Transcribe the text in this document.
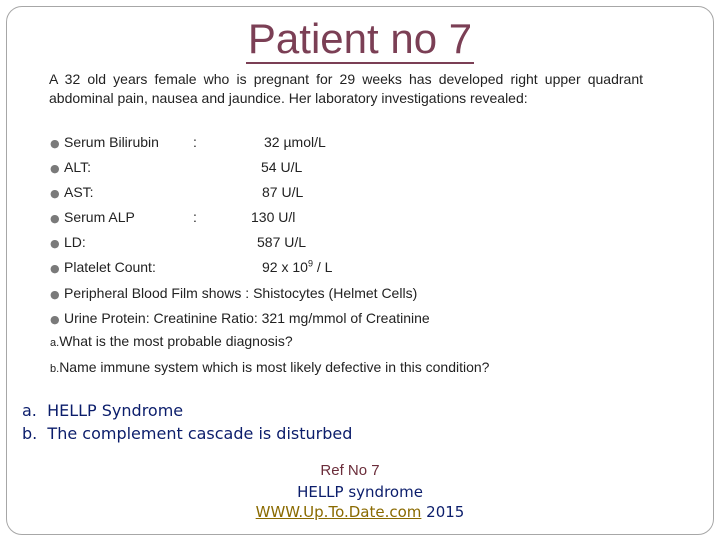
Patient no 7
A 32 old years female who is pregnant for 29 weeks has developed right upper quadrant abdominal pain, nausea and jaundice. Her laboratory investigations revealed:
● Serum Bilirubin :	32 µmol/L
● ALT:	54 U/L
● AST:	87 U/L
● Serum ALP	:	130 U/l
● LD:	587 U/L
● Platelet Count:	92 x $10^9$ / L
● Peripheral Blood Film shows : Shistocytes (Helmet Cells)
● Urine Protein: Creatinine Ratio: 321 mg/mmol of Creatinine
a.What is the most probable diagnosis?
b.Name immune system which is most likely defective in this condition?
a. HELLP Syndrome
b. The complement cascade is disturbed
Ref No 7
HELLP syndrome
WWW.Up.To.Date.com 2015
